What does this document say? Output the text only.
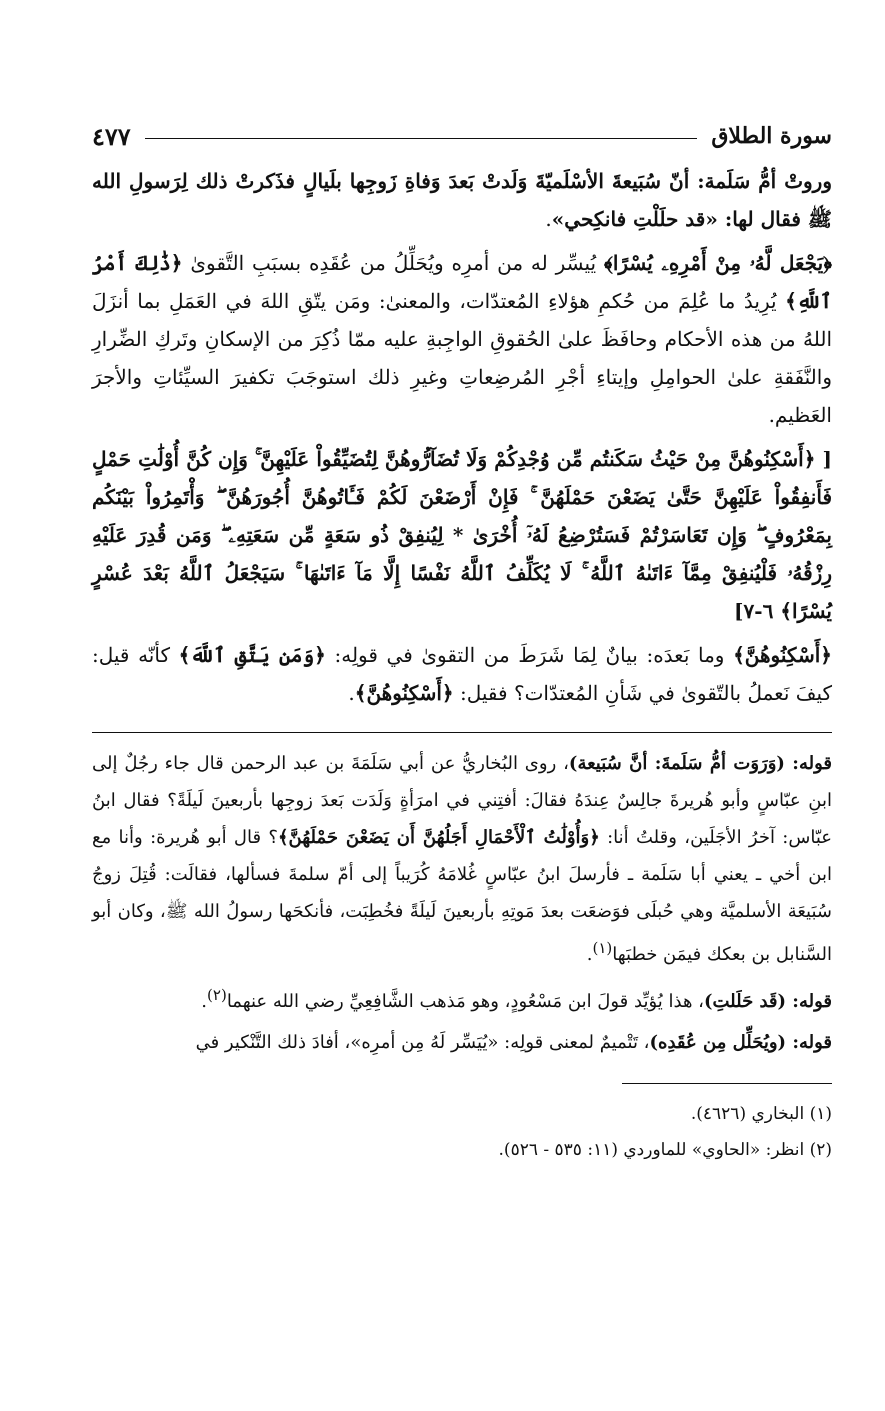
سورة الطلاق
٤٧٧

وروتْ أمُّ سَلَمة: أنّ سُبَيعةَ الأسْلَميّةَ وَلَدتْ بَعدَ وَفاةِ زَوجِها بلَيالٍ فذَكرتْ ذلك لِرَسولِ الله ﷺ فقال لها: «قد حلَلْتِ فانكِحي».

﴿يَجْعَل لَّهُۥ مِنْ أَمْرِهِۦ يُسْرًا﴾ يُيسِّر له من أمرِه ويُحَلِّلُ من عُقَدِه بسبَبِ التَّقوىٰ ﴿ذَٰلِكَ أَمْرُ ٱللَّهِ﴾ يُرِيدُ ما عُلِمَ من حُكمِ هؤلاءِ المُعتدّات، والمعنىٰ: ومَن يتّقِ اللهَ في العَمَلِ بما أنزَلَ اللهُ من هذه الأحكام وحافَظَ علىٰ الحُقوقِ الواجِبةِ عليه ممّا ذُكِرَ من الإسكانِ وتَركِ الضِّرارِ والنَّفَقةِ علىٰ الحوامِلِ وإيتاءِ أجْرِ المُرضِعاتِ وغيرِ ذلك استوجَبَ تكفيرَ السيِّئاتِ والأجرَ العَظيم.

[ ﴿أَسْكِنُوهُنَّ مِنْ حَيْثُ سَكَنتُم مِّن وُجْدِكُمْ وَلَا تُضَآرُّوهُنَّ لِتُضَيِّقُواْ عَلَيْهِنَّ ۚ وَإِن كُنَّ أُوْلَٰتِ حَمْلٍ فَأَنفِقُواْ عَلَيْهِنَّ حَتَّىٰ يَضَعْنَ حَمْلَهُنَّ ۚ فَإِنْ أَرْضَعْنَ لَكُمْ فَـَٔاتُوهُنَّ أُجُورَهُنَّ ۖ وَأْتَمِرُواْ بَيْنَكُم بِمَعْرُوفٍ ۖ وَإِن تَعَاسَرْتُمْ فَسَتُرْضِعُ لَهُۥٓ أُخْرَىٰ * لِيُنفِقْ ذُو سَعَةٍ مِّن سَعَتِهِۦ ۖ وَمَن قُدِرَ عَلَيْهِ رِزْقُهُۥ فَلْيُنفِقْ مِمَّآ ءَاتَىٰهُ ٱللَّهُ ۚ لَا يُكَلِّفُ ٱللَّهُ نَفْسًا إِلَّا مَآ ءَاتَىٰهَا ۚ سَيَجْعَلُ ٱللَّهُ بَعْدَ عُسْرٍ يُسْرًا﴾ ٦-٧]

﴿أَسْكِنُوهُنَّ﴾ وما بَعدَه: بيانٌ لِمَا شَرَطَ من التقوىٰ في قولِه: ﴿وَمَن يَتَّقِ ٱللَّهَ﴾ كأنّه قيل: كيفَ نَعملُ بالتّقوىٰ في شَأنِ المُعتدّات؟ فقيل: ﴿أَسْكِنُوهُنَّ﴾.

قوله: (وَرَوَت أمُّ سَلَمةَ: أنَّ سُبَيعة)، روى البُخاريُّ عن أبي سَلَمَةَ بن عبد الرحمن قال جاء رجُلٌ إلى ابنِ عبّاسٍ وأبو هُريرةَ جالِسٌ عِندَهُ فقالَ: أفتِني في امرَأةٍ وَلَدَت بَعدَ زوجِها بأربعينَ لَيلَةً؟ فقال ابنُ عبّاس: آخرُ الأجَلَين، وقلتُ أنا: ﴿وَأُوْلَٰتُ ٱلْأَحْمَالِ أَجَلُهُنَّ أَن يَضَعْنَ حَمْلَهُنَّ﴾؟ قال أبو هُريرة: وأنا مع ابن أخي ـ يعني أبا سَلَمة ـ فأرسلَ ابنُ عبّاسٍ غُلامَهُ كُرَيباً إلى أمّ سلمةَ فسألها، فقالَت: قُتِلَ زوجُ سُبَيعَة الأسلميَّة وهي حُبلَى فوَضعَت بعدَ مَوتِهِ بأربعينَ لَيلَةً فخُطِبَت، فأنكحَها رسولُ الله ﷺ، وكان أبو السَّنابل بن بعكك فيمَن خطبَها$^{(١)}$.

قوله: (قَد حَلَلتِ)، هذا يُؤيِّد قولَ ابن مَسْعُودٍ، وهو مَذهب الشَّافِعِيِّ رضي الله عنهما$^{(٢)}$.

قوله: (ويُحَلِّل مِن عُقَدِه)، تَتْميمٌ لمعنى قولِه: «يُيَسِّر لَهُ مِن أمرِه»، أفادَ ذلك التَّنْكير في

(١) البخاري (٤٦٢٦).

(٢) انظر: «الحاوي» للماوردي (١١: ٥٣٥ - ٥٢٦).
